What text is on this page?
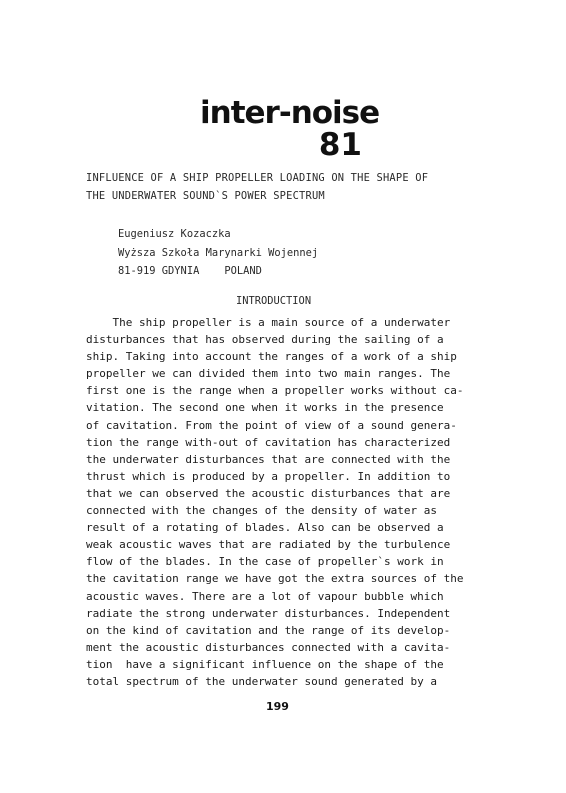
inter-noise
81
INFLUENCE OF A SHIP PROPELLER LOADING ON THE SHAPE OF
THE UNDERWATER SOUND`S POWER SPECTRUM
Eugeniusz Kozaczka
Wyższa Szkoła Marynarki Wojennej
81-919 GDYNIA    POLAND
INTRODUCTION
The ship propeller is a main source of a underwater
disturbances that has observed during the sailing of a
ship. Taking into account the ranges of a work of a ship
propeller we can divided them into two main ranges. The
first one is the range when a propeller works without ca-
vitation. The second one when it works in the presence
of cavitation. From the point of view of a sound genera-
tion the range with-out of cavitation has characterized
the underwater disturbances that are connected with the
thrust which is produced by a propeller. In addition to
that we can observed the acoustic disturbances that are
connected with the changes of the density of water as
result of a rotating of blades. Also can be observed a
weak acoustic waves that are radiated by the turbulence
flow of the blades. In the case of propeller`s work in
the cavitation range we have got the extra sources of the
acoustic waves. There are a lot of vapour bubble which
radiate the strong underwater disturbances. Independent
on the kind of cavitation and the range of its develop-
ment the acoustic disturbances connected with a cavita-
tion  have a significant influence on the shape of the
total spectrum of the underwater sound generated by a
199
